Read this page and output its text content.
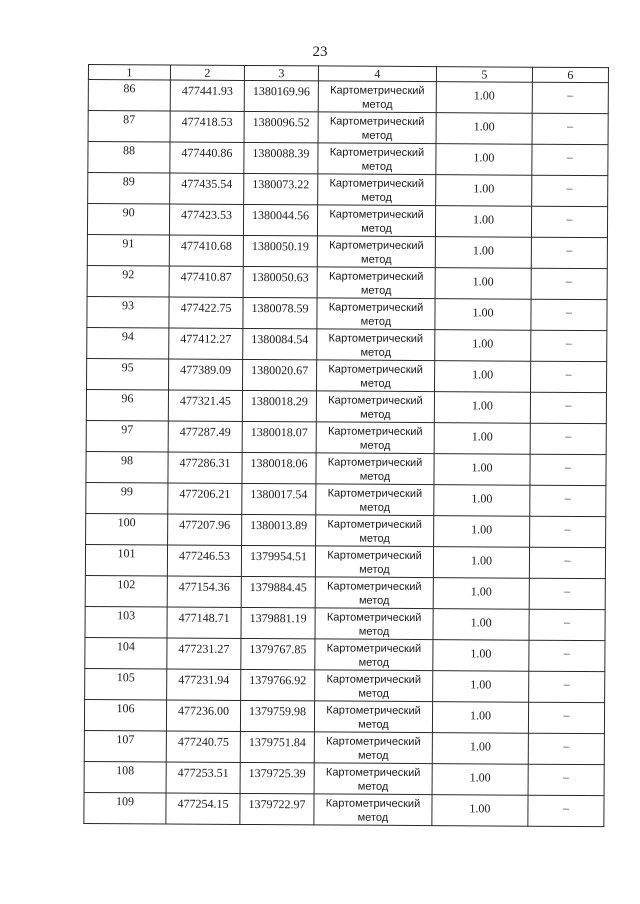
23
1	2	3	4	5	6
86	477441.93	1380169.96	Картометрический метод	1.00	–
87	477418.53	1380096.52	Картометрический метод	1.00	–
88	477440.86	1380088.39	Картометрический метод	1.00	–
89	477435.54	1380073.22	Картометрический метод	1.00	–
90	477423.53	1380044.56	Картометрический метод	1.00	–
91	477410.68	1380050.19	Картометрический метод	1.00	–
92	477410.87	1380050.63	Картометрический метод	1.00	–
93	477422.75	1380078.59	Картометрический метод	1.00	–
94	477412.27	1380084.54	Картометрический метод	1.00	–
95	477389.09	1380020.67	Картометрический метод	1.00	–
96	477321.45	1380018.29	Картометрический метод	1.00	–
97	477287.49	1380018.07	Картометрический метод	1.00	–
98	477286.31	1380018.06	Картометрический метод	1.00	–
99	477206.21	1380017.54	Картометрический метод	1.00	–
100	477207.96	1380013.89	Картометрический метод	1.00	–
101	477246.53	1379954.51	Картометрический метод	1.00	–
102	477154.36	1379884.45	Картометрический метод	1.00	–
103	477148.71	1379881.19	Картометрический метод	1.00	–
104	477231.27	1379767.85	Картометрический метод	1.00	–
105	477231.94	1379766.92	Картометрический метод	1.00	–
106	477236.00	1379759.98	Картометрический метод	1.00	–
107	477240.75	1379751.84	Картометрический метод	1.00	–
108	477253.51	1379725.39	Картометрический метод	1.00	–
109	477254.15	1379722.97	Картометрический метод	1.00	–
